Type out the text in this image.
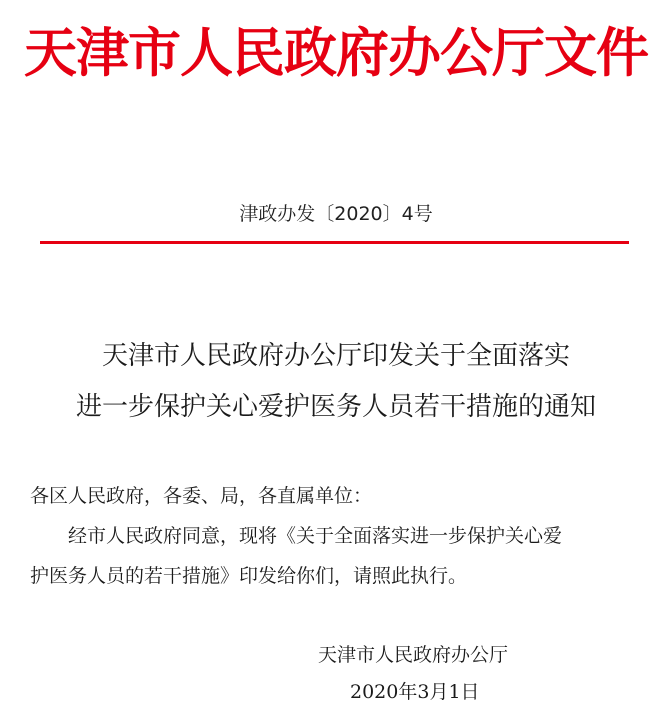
天津市人民政府办公厅文件
津政办发〔2020〕4号
天津市人民政府办公厅印发关于全面落实
进一步保护关心爱护医务人员若干措施的通知
各区人民政府，各委、局，各直属单位：
经市人民政府同意，现将《关于全面落实进一步保护关心爱
护医务人员的若干措施》印发给你们，请照此执行。
天津市人民政府办公厅
2020年3月1日
